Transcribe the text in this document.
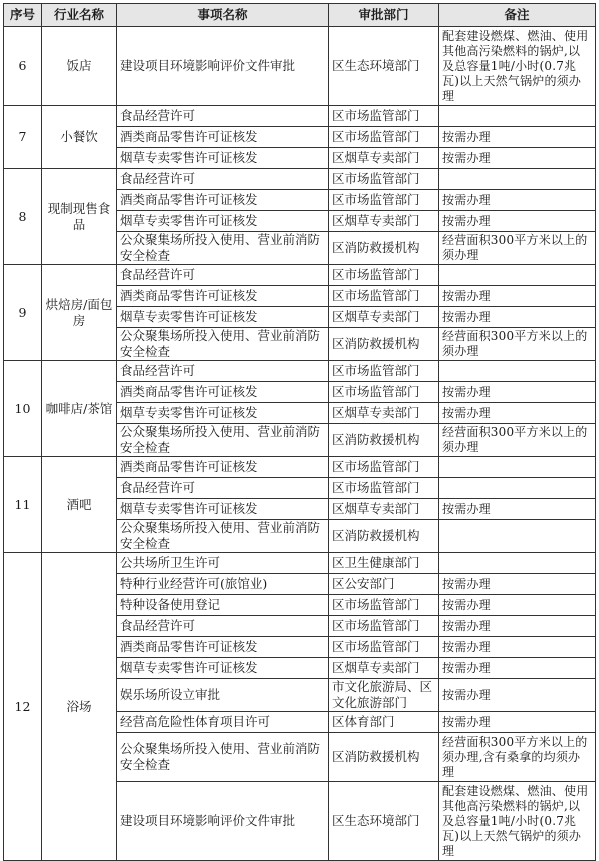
序号	行业名称	事项名称	审批部门	备注
6	饭店	建设项目环境影响评价文件审批	区生态环境部门	配套建设燃煤、燃油、使用其他高污染燃料的锅炉,以及总容量1吨/小时(0.7兆瓦)以上天然气锅炉的须办理
7	小餐饮	食品经营许可	区市场监管部门	
		酒类商品零售许可证核发	区市场监管部门	按需办理
		烟草专卖零售许可证核发	区烟草专卖部门	按需办理
8	现制现售食品	食品经营许可	区市场监管部门	
		酒类商品零售许可证核发	区市场监管部门	按需办理
		烟草专卖零售许可证核发	区烟草专卖部门	按需办理
		公众聚集场所投入使用、营业前消防安全检查	区消防救援机构	经营面积300平方米以上的须办理
9	烘焙房/面包房	食品经营许可	区市场监管部门	
		酒类商品零售许可证核发	区市场监管部门	按需办理
		烟草专卖零售许可证核发	区烟草专卖部门	按需办理
		公众聚集场所投入使用、营业前消防安全检查	区消防救援机构	经营面积300平方米以上的须办理
10	咖啡店/茶馆	食品经营许可	区市场监管部门	
		酒类商品零售许可证核发	区市场监管部门	按需办理
		烟草专卖零售许可证核发	区烟草专卖部门	按需办理
		公众聚集场所投入使用、营业前消防安全检查	区消防救援机构	经营面积300平方米以上的须办理
11	酒吧	酒类商品零售许可证核发	区市场监管部门	
		食品经营许可	区市场监管部门	
		烟草专卖零售许可证核发	区烟草专卖部门	按需办理
		公众聚集场所投入使用、营业前消防安全检查	区消防救援机构	
12	浴场	公共场所卫生许可	区卫生健康部门	
		特种行业经营许可(旅馆业)	区公安部门	按需办理
		特种设备使用登记	区市场监管部门	按需办理
		食品经营许可	区市场监管部门	按需办理
		酒类商品零售许可证核发	区市场监管部门	按需办理
		烟草专卖零售许可证核发	区烟草专卖部门	按需办理
		娱乐场所设立审批	市文化旅游局、区文化旅游部门	按需办理
		经营高危险性体育项目许可	区体育部门	按需办理
		公众聚集场所投入使用、营业前消防安全检查	区消防救援机构	经营面积300平方米以上的须办理,含有桑拿的均须办理
		建设项目环境影响评价文件审批	区生态环境部门	配套建设燃煤、燃油、使用其他高污染燃料的锅炉,以及总容量1吨/小时(0.7兆瓦)以上天然气锅炉的须办理
